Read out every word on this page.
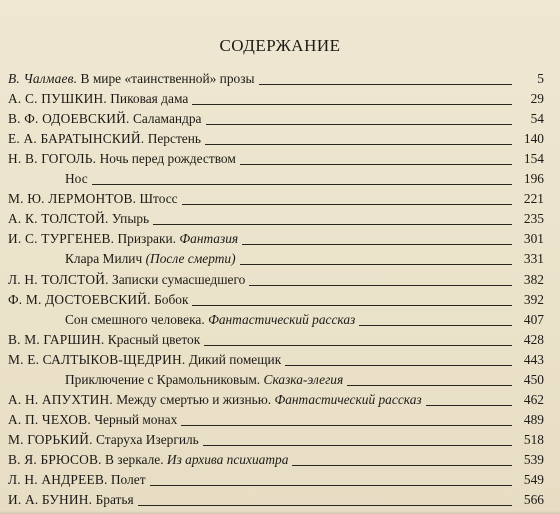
СОДЕРЖАНИЕ
В. Чалмаев. В мире «таинственной» прозы	5
А. С. ПУШКИН. Пиковая дама	29
В. Ф. ОДОЕВСКИЙ. Саламандра	54
Е. А. БАРАТЫНСКИЙ. Перстень	140
Н. В. ГОГОЛЬ. Ночь перед рождеством	154
Нос	196
М. Ю. ЛЕРМОНТОВ. Штосс	221
А. К. ТОЛСТОЙ. Упырь	235
И. С. ТУРГЕНЕВ. Призраки. Фантазия	301
Клара Милич (После смерти)	331
Л. Н. ТОЛСТОЙ. Записки сумасшедшего	382
Ф. М. ДОСТОЕВСКИЙ. Бобок	392
Сон смешного человека. Фантастический рассказ	407
В. М. ГАРШИН. Красный цветок	428
М. Е. САЛТЫКОВ-ЩЕДРИН. Дикий помещик	443
Приключение с Крамольниковым. Сказка-элегия	450
А. Н. АПУХТИН. Между смертью и жизнью. Фантастический рассказ	462
А. П. ЧЕХОВ. Черный монах	489
М. ГОРЬКИЙ. Старуха Изергиль	518
В. Я. БРЮСОВ. В зеркале. Из архива психиатра	539
Л. Н. АНДРЕЕВ. Полет	549
И. А. БУНИН. Братья	566
